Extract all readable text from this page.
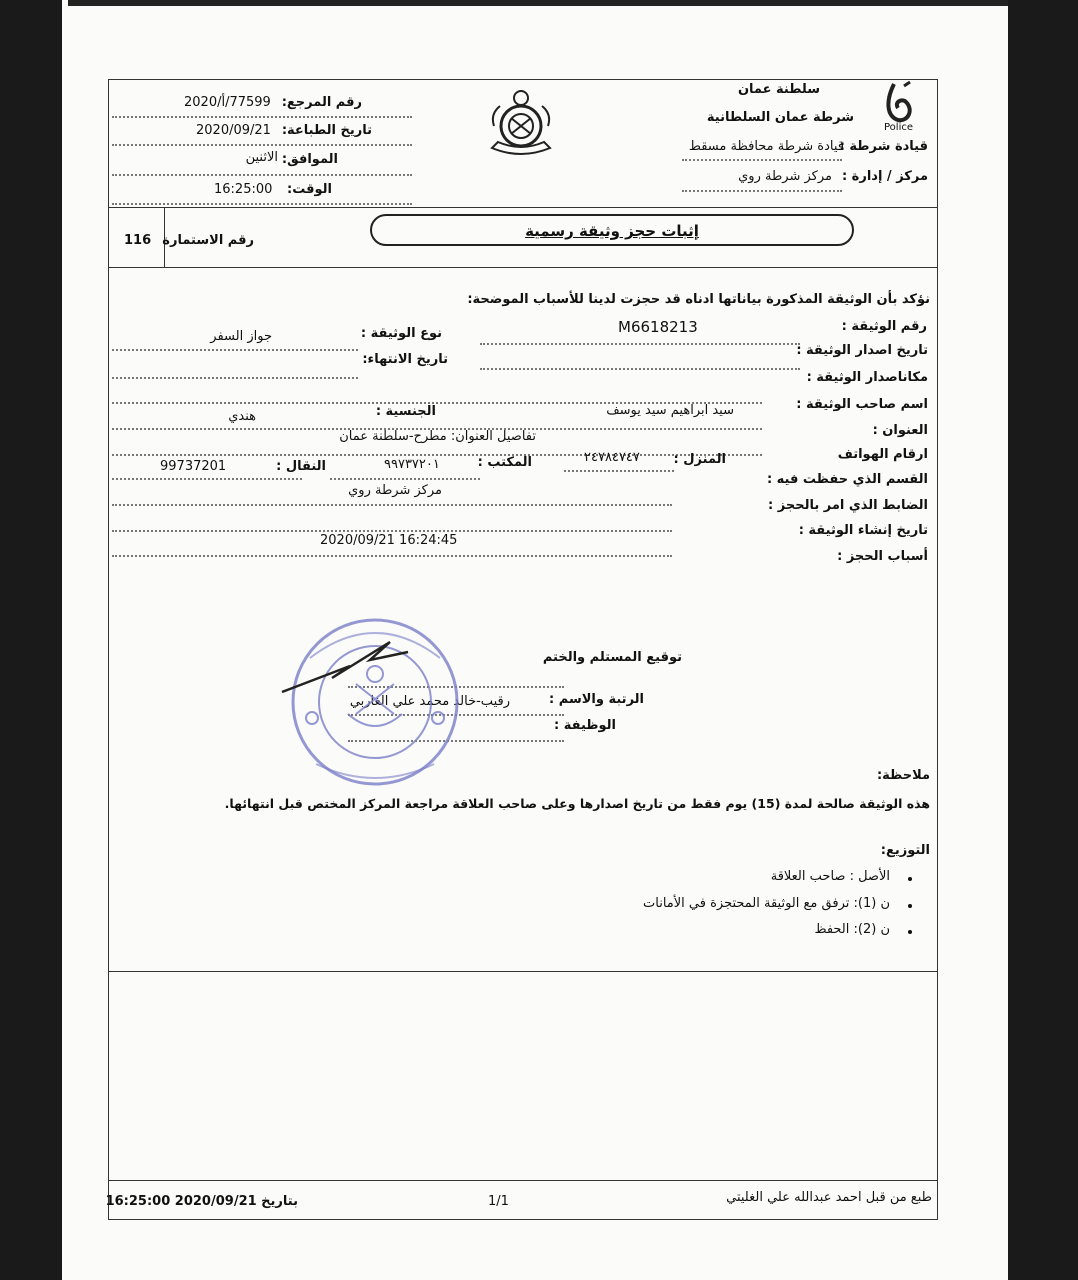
Police
سلطنة عمان
شرطة عمان السلطانية
قيادة شرطة :
قيادة شرطة محافظة مسقط
مركز / إدارة :
مركز شرطة روي
رقم المرجع:
77599/أ/2020
تاريخ الطباعة:
2020/09/21
الموافق:
الاثنين
الوقت:
16:25:00
116 رقم الاستمارة
إثبات حجز وثيقة رسمية
نؤكد بأن الوثيقة المذكورة بياناتها ادناه قد حجزت لدينا للأسباب الموضحة:
رقم الوثيقة :
M6618213
نوع الوثيقة :
جواز السفر
تاريخ اصدار الوثيقة :
تاريخ الانتهاء:
مكاناصدار الوثيقة :
اسم صاحب الوثيقة :
سيد ابراهيم سيد يوسف
الجنسية :
هندي
العنوان :
تفاصيل العنوان: مطرح-سلطنة عمان
ارقام الهواتف
المنزل :
٢٤٧٨٤٧٤٧
المكتب :
٩٩٧٣٧٢٠١
النقال :
99737201
القسم الذي حفظت فيه :
مركز شرطة روي
الضابط الذي امر بالحجز :
تاريخ إنشاء الوثيقة :
2020/09/21 16:24:45
أسباب الحجز :
توقيع المستلم والختم
الرتبة والاسم :
رقيب-خالد محمد علي الغاربي
الوظيفة :
ملاحظة:
هذه الوثيقة صالحة لمدة (15) يوم فقط من تاريخ اصدارها وعلى صاحب العلاقة مراجعة المركز المختص قبل انتهائها.
التوزيع:
الأصل : صاحب العلاقة
ن (1): ترفق مع الوثيقة المحتجزة في الأمانات
ن (2): الحفظ
طبع من قبل احمد عبدالله علي الغليتي
1/1
بتاريخ 2020/09/21 16:25:00
